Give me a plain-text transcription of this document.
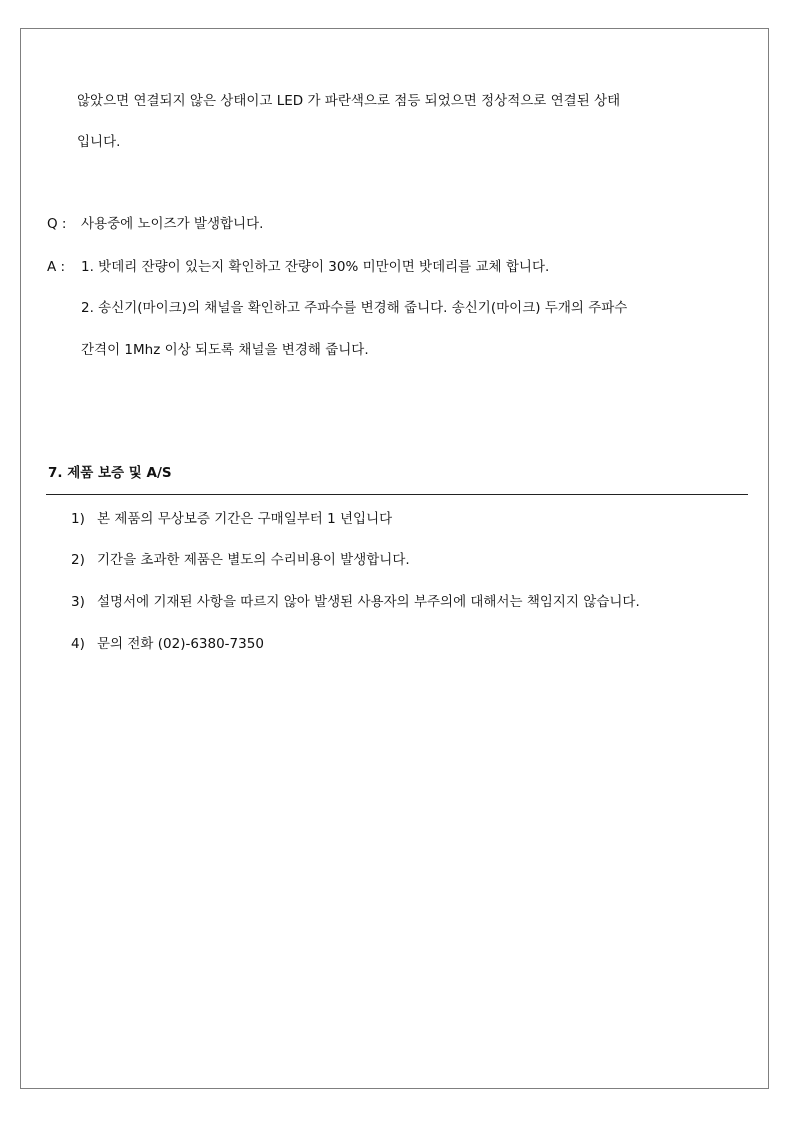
않았으면 연결되지 않은 상태이고 LED 가 파란색으로 점등 되었으면 정상적으로 연결된 상태
입니다.
Q : 사용중에 노이즈가 발생합니다.
A : 1. 밧데리 잔량이 있는지 확인하고 잔량이 30% 미만이면 밧데리를 교체 합니다.
2. 송신기(마이크)의 채널을 확인하고 주파수를 변경해 줍니다. 송신기(마이크) 두개의 주파수
간격이 1Mhz 이상 되도록 채널을 변경해 줍니다.
7. 제품 보증 및 A/S
1) 본 제품의 무상보증 기간은 구매일부터 1 년입니다
2) 기간을 초과한 제품은 별도의 수리비용이 발생합니다.
3) 설명서에 기재된 사항을 따르지 않아 발생된 사용자의 부주의에 대해서는 책임지지 않습니다.
4) 문의 전화 (02)-6380-7350
